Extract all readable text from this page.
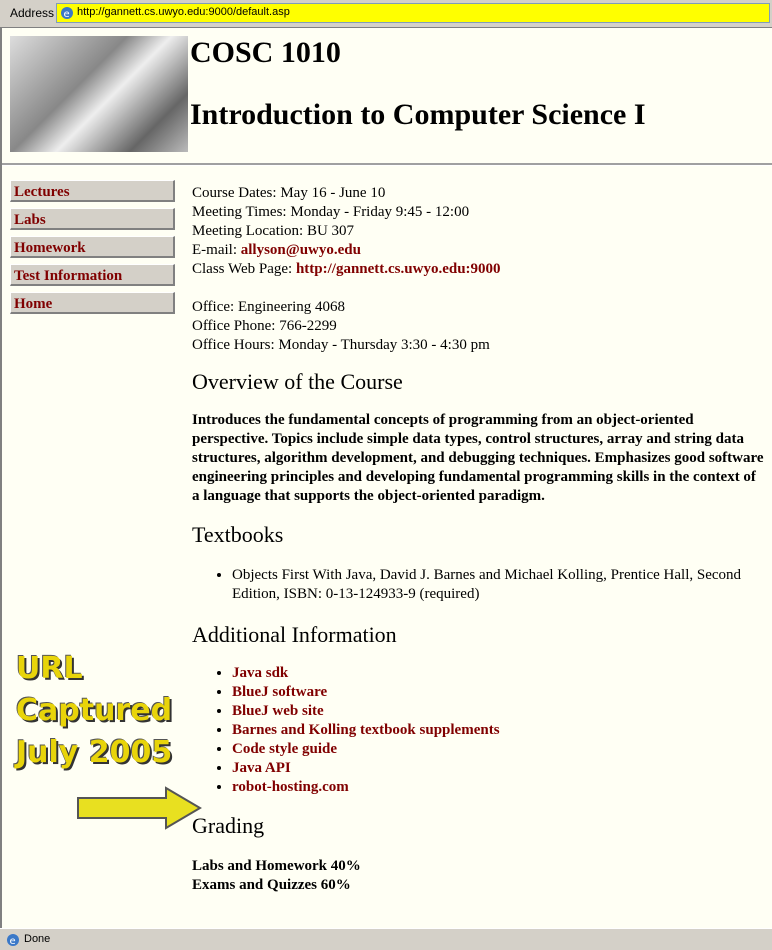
Address e http://gannett.cs.uwyo.edu:9000/default.asp
COSC 1010
Introduction to Computer Science I
Lectures
Labs
Homework
Test Information
Home

Course Dates: May 16 - June 10

Meeting Times: Monday - Friday 9:45 - 12:00

Meeting Location: BU 307

E-mail: allyson@uwyo.edu

Class Web Page: http://gannett.cs.uwyo.edu:9000

Office: Engineering 4068

Office Phone: 766-2299

Office Hours: Monday - Thursday 3:30 - 4:30 pm

Overview of the Course

Introduces the fundamental concepts of programming from an object-oriented perspective. Topics include simple data types, control structures, array and string data structures, algorithm development, and debugging techniques. Emphasizes good software engineering principles and developing fundamental programming skills in the context of a language that supports the object-oriented paradigm.

Textbooks
• Objects First With Java, David J. Barnes and Michael Kolling, Prentice Hall, Second Edition, ISBN: 0-13-124933-9 (required)
Additional Information
• Java sdk
• BlueJ software
• BlueJ web site
• Barnes and Kolling textbook supplements
• Code style guide
• Java API
• robot-hosting.com
Grading

Labs and Homework 40%

Exams and Quizzes 60%

URL
Captured
July 2005
e Done
